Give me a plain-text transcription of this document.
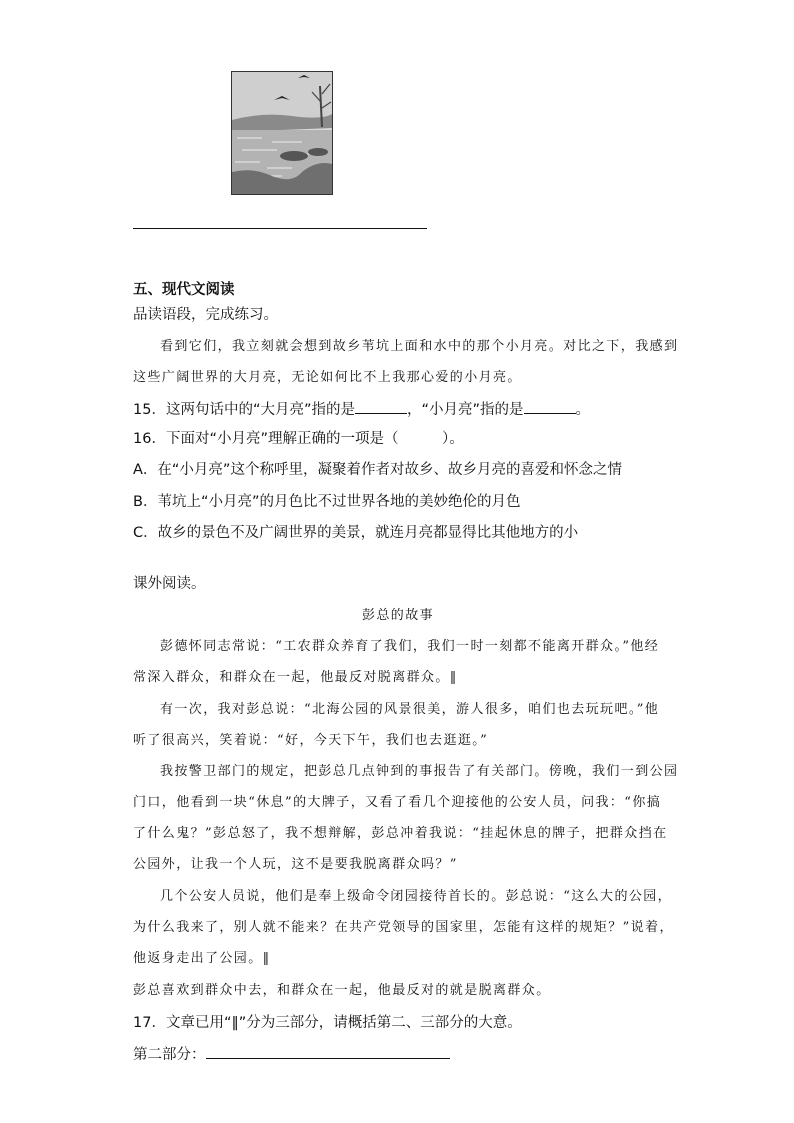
五、现代文阅读
品读语段，完成练习。
看到它们，我立刻就会想到故乡苇坑上面和水中的那个小月亮。对比之下，我感到
这些广阔世界的大月亮，无论如何比不上我那心爱的小月亮。
15．这两句话中的“大月亮”指的是	，“小月亮”指的是	。
16．下面对“小月亮”理解正确的一项是（　　　）。
A．在“小月亮”这个称呼里，凝聚着作者对故乡、故乡月亮的喜爱和怀念之情
B．苇坑上“小月亮”的月色比不过世界各地的美妙绝伦的月色
C．故乡的景色不及广阔世界的美景，就连月亮都显得比其他地方的小
课外阅读。
彭总的故事
彭德怀同志常说：“工农群众养育了我们，我们一时一刻都不能离开群众。”他经
常深入群众，和群众在一起，他最反对脱离群众。‖
有一次，我对彭总说：“北海公园的风景很美，游人很多，咱们也去玩玩吧。”他
听了很高兴，笑着说：“好，今天下午，我们也去逛逛。”
我按警卫部门的规定，把彭总几点钟到的事报告了有关部门。傍晚，我们一到公园
门口，他看到一块“休息”的大牌子，又看了看几个迎接他的公安人员，问我：“你搞
了什么鬼？”彭总怒了，我不想辩解，彭总冲着我说：“挂起休息的牌子，把群众挡在
公园外，让我一个人玩，这不是要我脱离群众吗？”
几个公安人员说，他们是奉上级命令闭园接待首长的。彭总说：“这么大的公园，
为什么我来了，别人就不能来？在共产党领导的国家里，怎能有这样的规矩？”说着，
他返身走出了公园。‖
彭总喜欢到群众中去，和群众在一起，他最反对的就是脱离群众。
17．文章已用“‖”分为三部分，请概括第二、三部分的大意。
第二部分：
